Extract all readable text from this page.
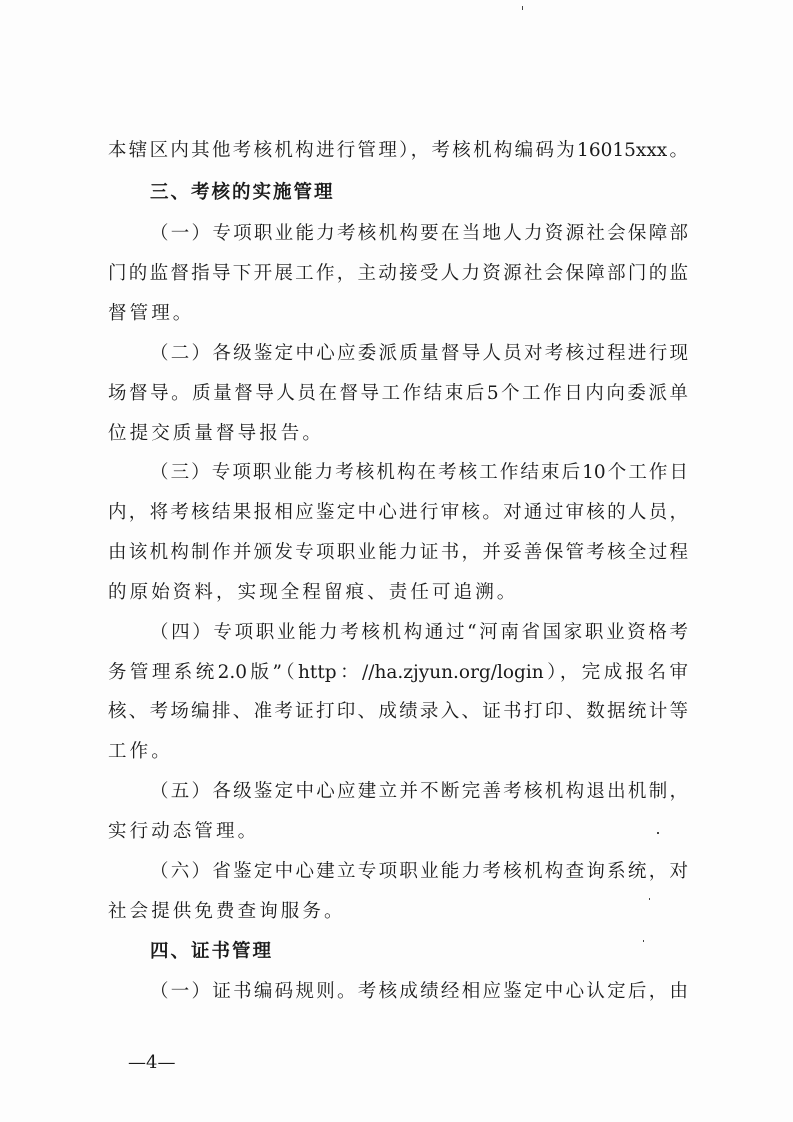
本辖区内其他考核机构进行管理），考核机构编码为16015xxx。
三、考核的实施管理
（一）专项职业能力考核机构要在当地人力资源社会保障部
门的监督指导下开展工作，主动接受人力资源社会保障部门的监
督管理。
（二）各级鉴定中心应委派质量督导人员对考核过程进行现
场督导。质量督导人员在督导工作结束后5个工作日内向委派单
位提交质量督导报告。
（三）专项职业能力考核机构在考核工作结束后10个工作日
内，将考核结果报相应鉴定中心进行审核。对通过审核的人员，
由该机构制作并颁发专项职业能力证书，并妥善保管考核全过程
的原始资料，实现全程留痕、责任可追溯。
（四）专项职业能力考核机构通过“河南省国家职业资格考
务管理系统2.0版”（http：//ha.zjyun.org/login），完成报名审
核、考场编排、准考证打印、成绩录入、证书打印、数据统计等
工作。
（五）各级鉴定中心应建立并不断完善考核机构退出机制，
实行动态管理。
（六）省鉴定中心建立专项职业能力考核机构查询系统，对
社会提供免费查询服务。
四、证书管理
（一）证书编码规则。考核成绩经相应鉴定中心认定后，由
—4—
